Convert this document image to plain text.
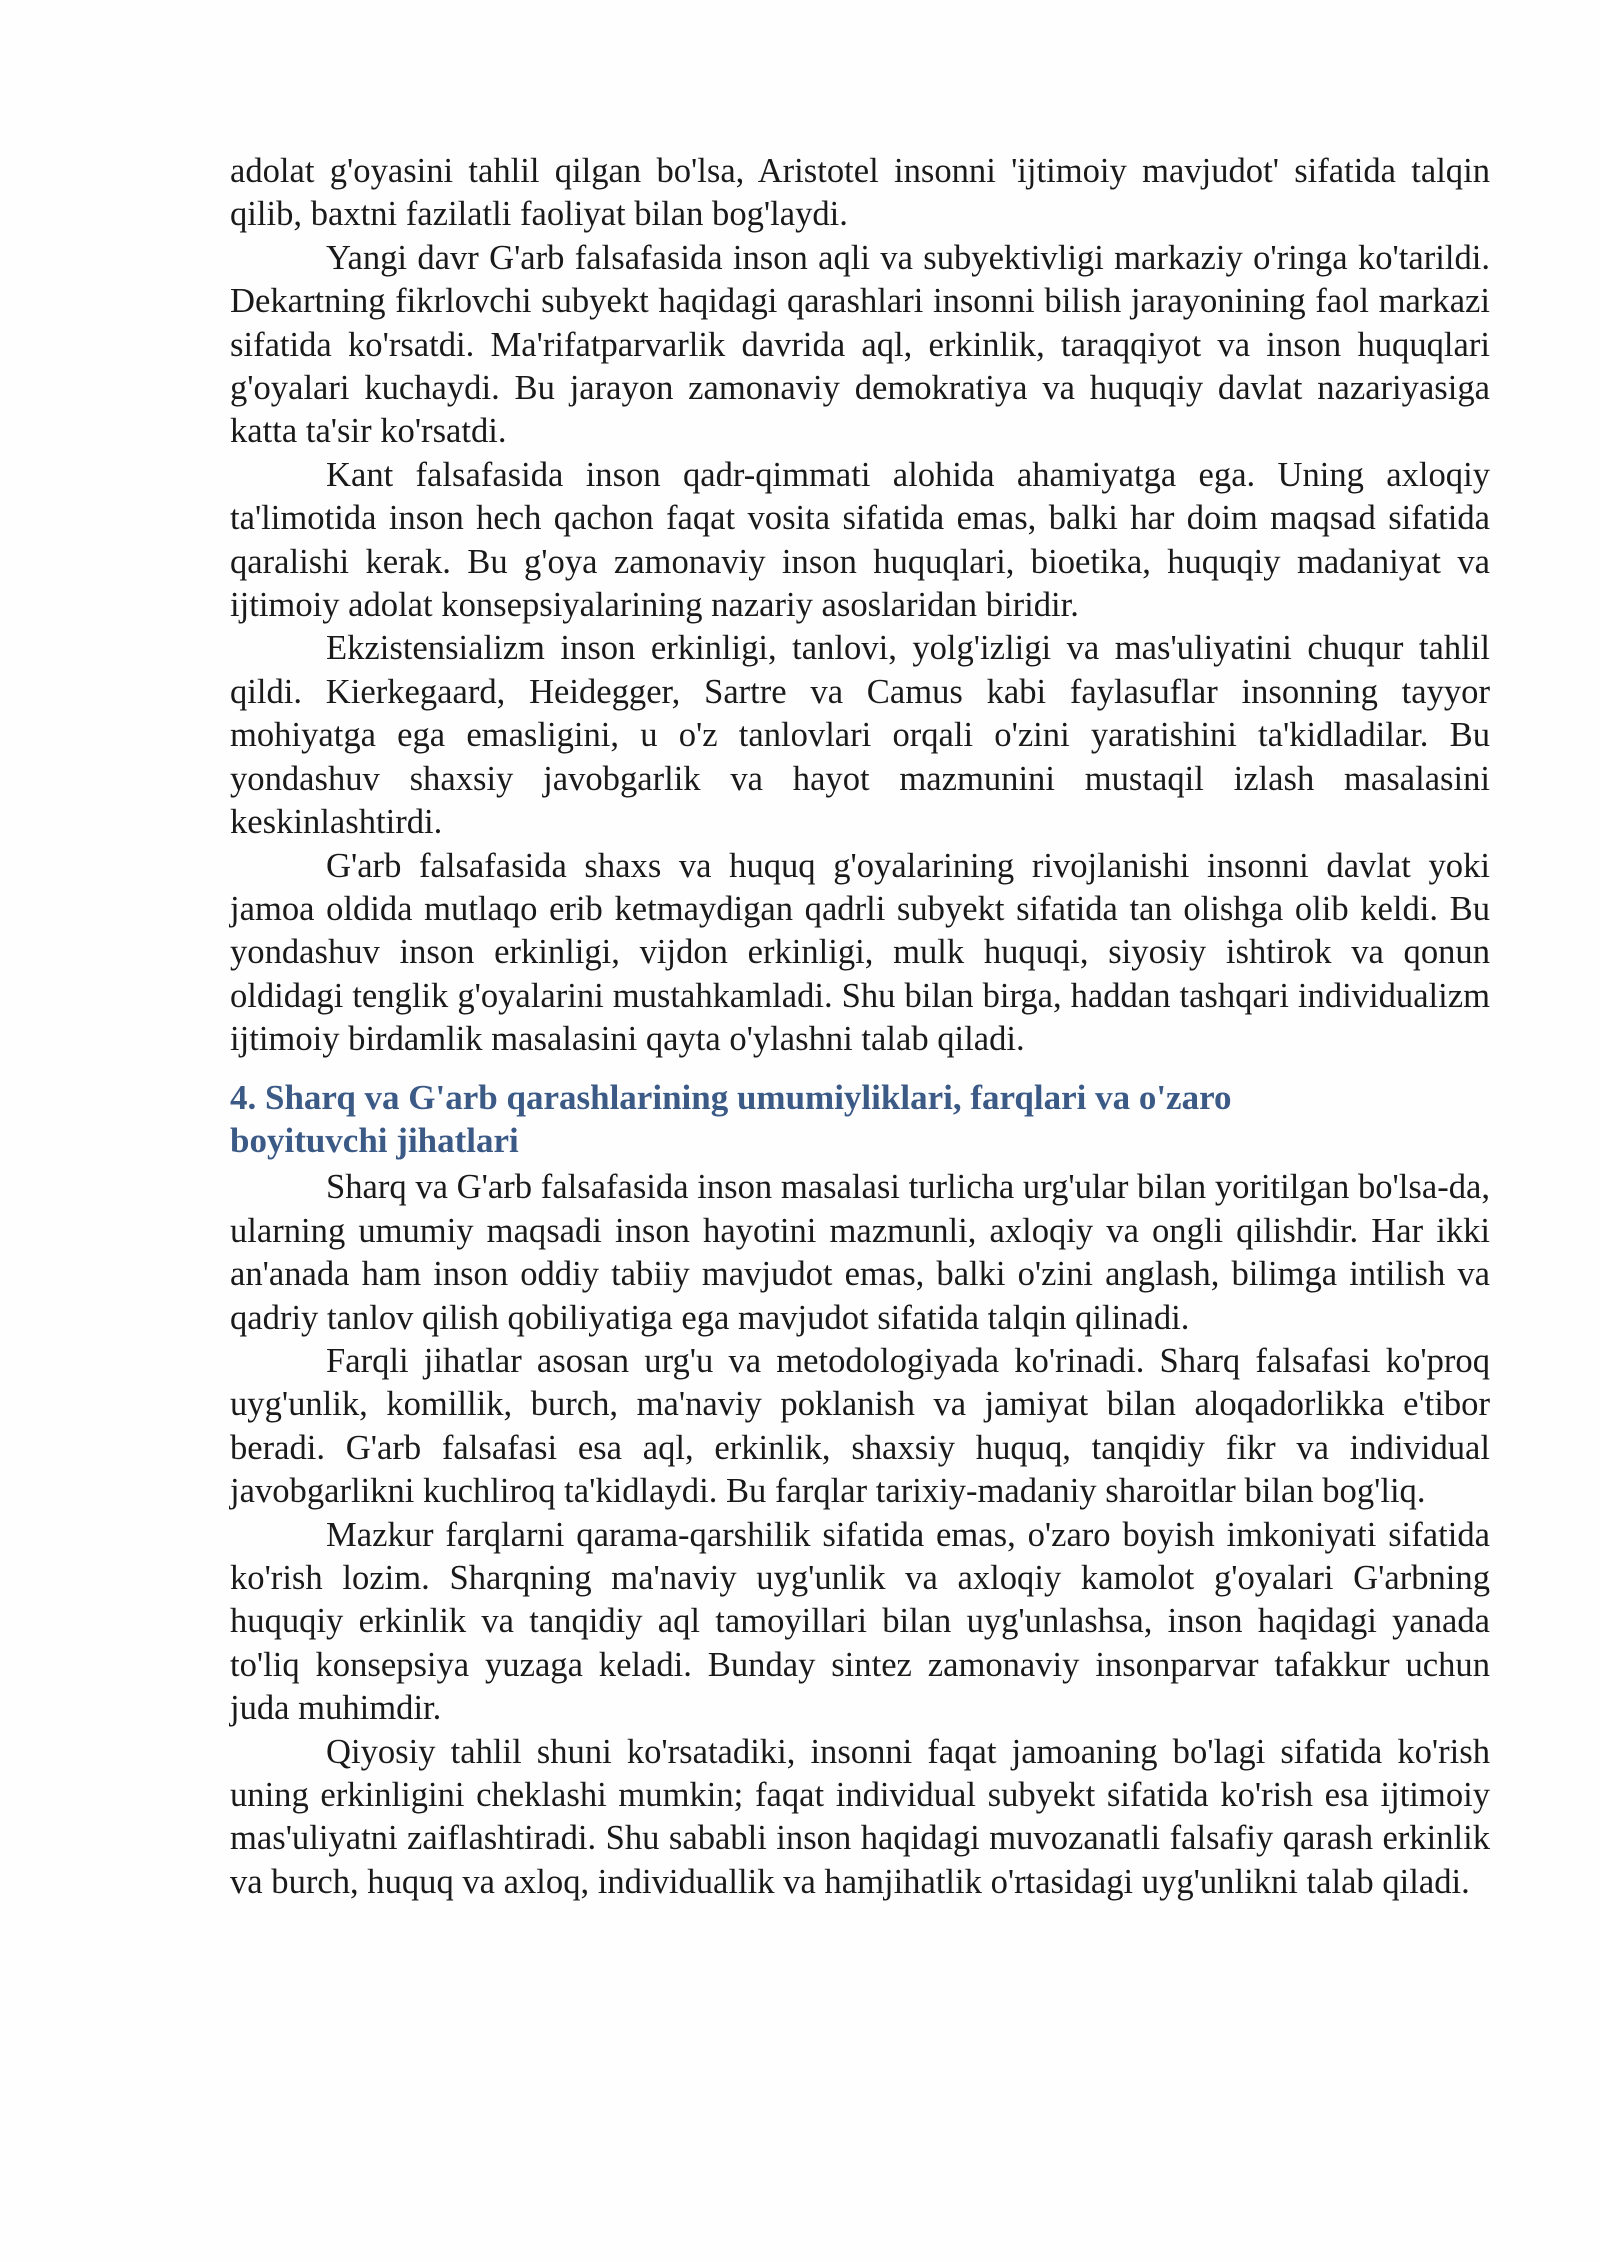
adolat g'oyasini tahlil qilgan bo'lsa, Aristotel insonni 'ijtimoiy mavjudot' sifatida talqin qilib, baxtni fazilatli faoliyat bilan bog'laydi.

Yangi davr G'arb falsafasida inson aqli va subyektivligi markaziy o'ringa ko'tarildi. Dekartning fikrlovchi subyekt haqidagi qarashlari insonni bilish jarayonining faol markazi sifatida ko'rsatdi. Ma'rifatparvarlik davrida aql, erkinlik, taraqqiyot va inson huquqlari g'oyalari kuchaydi. Bu jarayon zamonaviy demokratiya va huquqiy davlat nazariyasiga katta ta'sir ko'rsatdi.

Kant falsafasida inson qadr-qimmati alohida ahamiyatga ega. Uning axloqiy ta'limotida inson hech qachon faqat vosita sifatida emas, balki har doim maqsad sifatida qaralishi kerak. Bu g'oya zamonaviy inson huquqlari, bioetika, huquqiy madaniyat va ijtimoiy adolat konsepsiyalarining nazariy asoslaridan biridir.

Ekzistensializm inson erkinligi, tanlovi, yolg'izligi va mas'uliyatini chuqur tahlil qildi. Kierkegaard, Heidegger, Sartre va Camus kabi faylasuflar insonning tayyor mohiyatga ega emasligini, u o'z tanlovlari orqali o'zini yaratishini ta'kidladilar. Bu yondashuv shaxsiy javobgarlik va hayot mazmunini mustaqil izlash masalasini keskinlashtirdi.

G'arb falsafasida shaxs va huquq g'oyalarining rivojlanishi insonni davlat yoki jamoa oldida mutlaqo erib ketmaydigan qadrli subyekt sifatida tan olishga olib keldi. Bu yondashuv inson erkinligi, vijdon erkinligi, mulk huquqi, siyosiy ishtirok va qonun oldidagi tenglik g'oyalarini mustahkamladi. Shu bilan birga, haddan tashqari individualizm ijtimoiy birdamlik masalasini qayta o'ylashni talab qiladi.

4. Sharq va G'arb qarashlarining umumiyliklari, farqlari va o'zaro boyituvchi jihatlari

Sharq va G'arb falsafasida inson masalasi turlicha urg'ular bilan yoritilgan bo'lsa-da, ularning umumiy maqsadi inson hayotini mazmunli, axloqiy va ongli qilishdir. Har ikki an'anada ham inson oddiy tabiiy mavjudot emas, balki o'zini anglash, bilimga intilish va qadriy tanlov qilish qobiliyatiga ega mavjudot sifatida talqin qilinadi.

Farqli jihatlar asosan urg'u va metodologiyada ko'rinadi. Sharq falsafasi ko'proq uyg'unlik, komillik, burch, ma'naviy poklanish va jamiyat bilan aloqadorlikka e'tibor beradi. G'arb falsafasi esa aql, erkinlik, shaxsiy huquq, tanqidiy fikr va individual javobgarlikni kuchliroq ta'kidlaydi. Bu farqlar tarixiy-madaniy sharoitlar bilan bog'liq.

Mazkur farqlarni qarama-qarshilik sifatida emas, o'zaro boyish imkoniyati sifatida ko'rish lozim. Sharqning ma'naviy uyg'unlik va axloqiy kamolot g'oyalari G'arbning huquqiy erkinlik va tanqidiy aql tamoyillari bilan uyg'unlashsa, inson haqidagi yanada to'liq konsepsiya yuzaga keladi. Bunday sintez zamonaviy insonparvar tafakkur uchun juda muhimdir.

Qiyosiy tahlil shuni ko'rsatadiki, insonni faqat jamoaning bo'lagi sifatida ko'rish uning erkinligini cheklashi mumkin; faqat individual subyekt sifatida ko'rish esa ijtimoiy mas'uliyatni zaiflashtiradi. Shu sababli inson haqidagi muvozanatli falsafiy qarash erkinlik va burch, huquq va axloq, individuallik va hamjihatlik o'rtasidagi uyg'unlikni talab qiladi.
